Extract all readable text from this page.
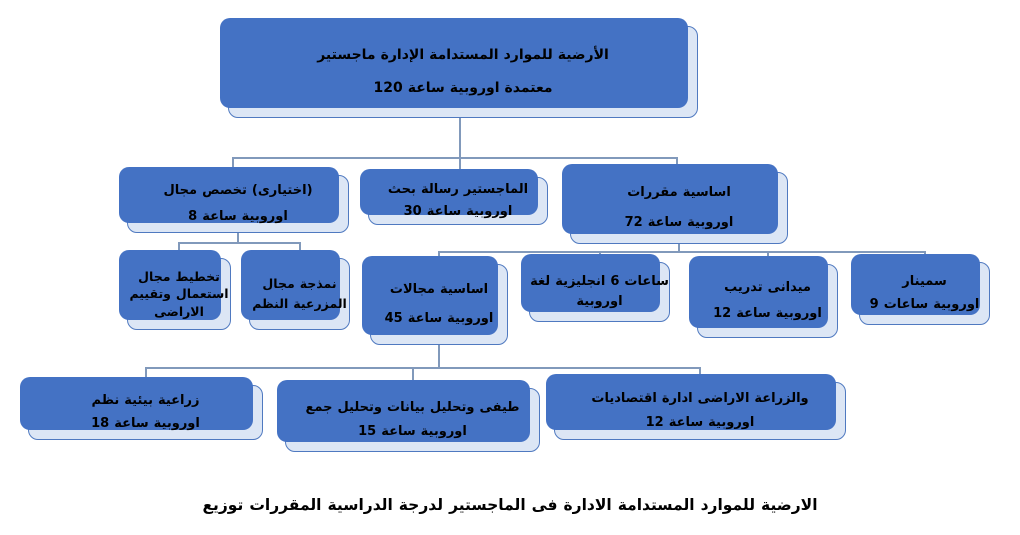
ماجستير الإدارة المستدامة للموارد الأرضية
120 ساعة اوروبية معتمدة
مجال تخصص (اختيارى)
8 ساعة اوروبية
بحث رسالة الماجستير
30 ساعة اوروبية
مقررات اساسية
72 ساعة اوروبية
مجال تخطيط
وتقييم استعمال
الاراضى
مجال نمذجة
النظم المزرعية
مجالات اساسية
45 ساعة اوروبية
لغة انجليزية 6 ساعات
اوروبية
تدريب ميدانى
12 ساعة اوروبية
سمينار
9 ساعات اوروبية
نظم بيئية زراعية
18 ساعة اوروبية
جمع وتحليل بيانات وتحليل طيفى
15 ساعة اوروبية
اقتصاديات ادارة الاراضى والزراعة
12 ساعة اوروبية
توزيع المقررات الدراسية لدرجة الماجستير فى الادارة المستدامة للموارد الارضية
